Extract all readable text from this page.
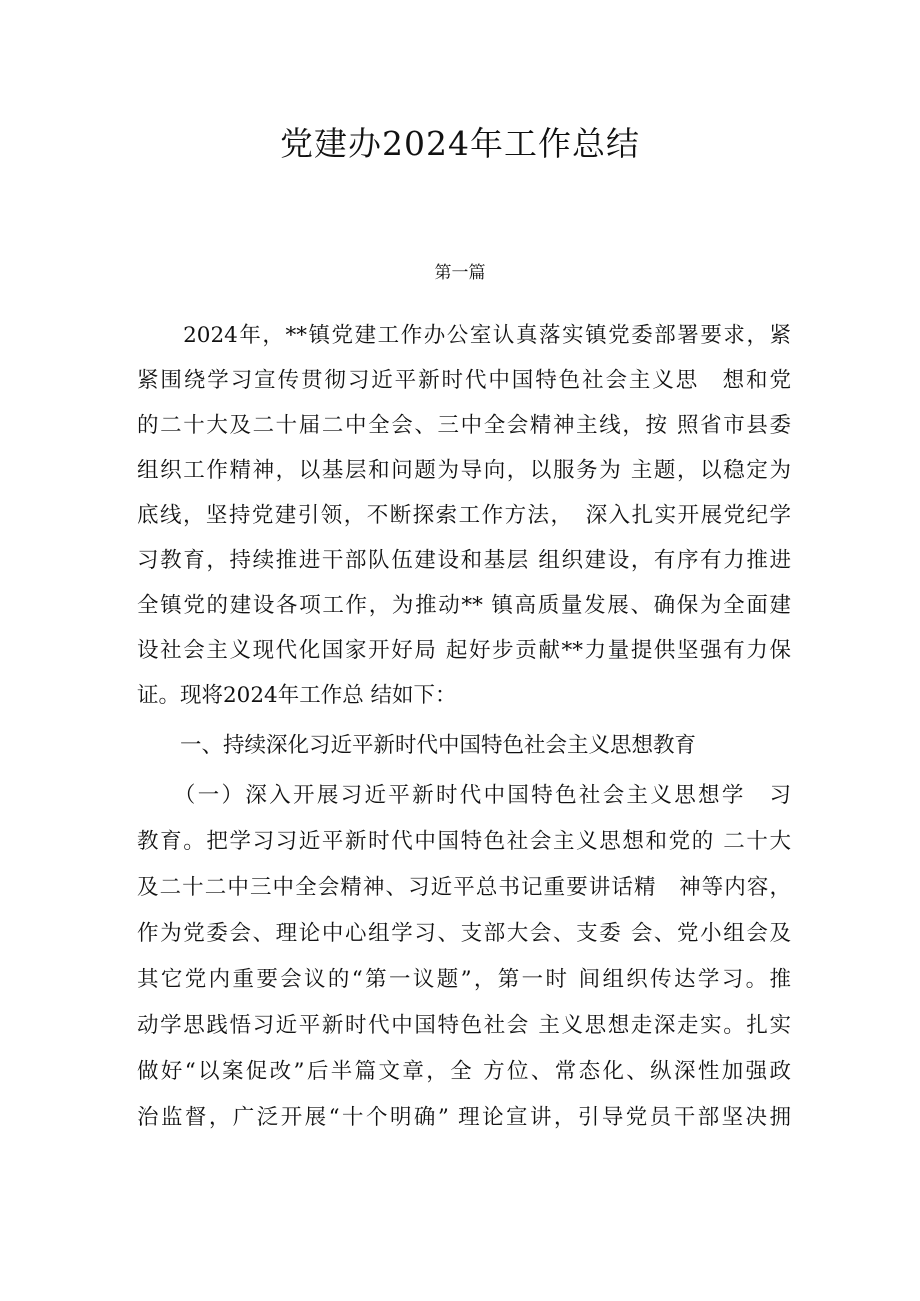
党建办2024年工作总结
第一篇
　　2024年，**镇党建工作办公室认真落实镇党委部署要求，紧
紧围绕学习宣传贯彻习近平新时代中国特色社会主义思　想和党
的二十大及二十届二中全会、三中全会精神主线，按 照省市县委
组织工作精神，以基层和问题为导向，以服务为 主题，以稳定为
底线，坚持党建引领，不断探索工作方法，　深入扎实开展党纪学
习教育，持续推进干部队伍建设和基层 组织建设，有序有力推进
全镇党的建设各项工作，为推动** 镇高质量发展、确保为全面建
设社会主义现代化国家开好局 起好步贡献**力量提供坚强有力保
证。现将2024年工作总 结如下：
　　一、持续深化习近平新时代中国特色社会主义思想教育
　　（一）深入开展习近平新时代中国特色社会主义思想学　习
教育。把学习习近平新时代中国特色社会主义思想和党的 二十大
及二十二中三中全会精神、习近平总书记重要讲话精　神等内容，
作为党委会、理论中心组学习、支部大会、支委 会、党小组会及
其它党内重要会议的“第一议题”，第一时 间组织传达学习。推
动学思践悟习近平新时代中国特色社会 主义思想走深走实。扎实
做好“以案促改”后半篇文章，全 方位、常态化、纵深性加强政
治监督，广泛开展“十个明确” 理论宣讲，引导党员干部坚决拥
